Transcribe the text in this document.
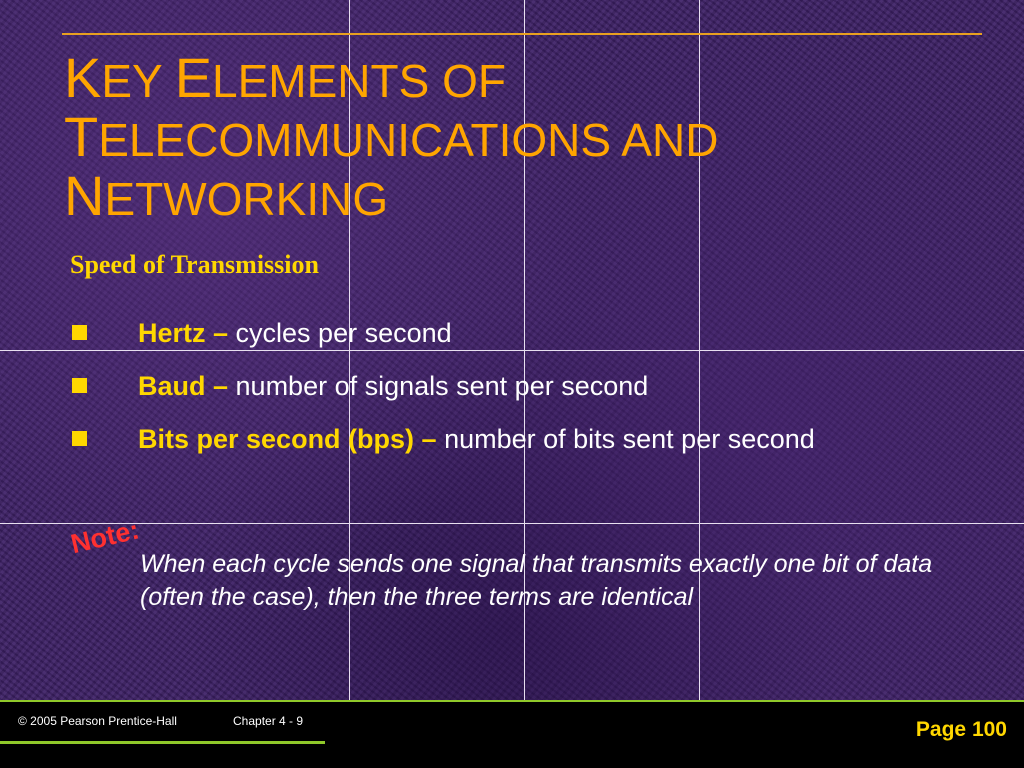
KEY ELEMENTS OF
TELECOMMUNICATIONS AND
NETWORKING
Speed of Transmission
Hertz – cycles per second
Baud – number of signals sent per second
Bits per second (bps) – number of bits sent per second
Note:
When each cycle sends one signal that transmits exactly one bit of data (often the case), then the three terms are identical
© 2005 Pearson Prentice-Hall	Chapter 4 - 9	Page 100
